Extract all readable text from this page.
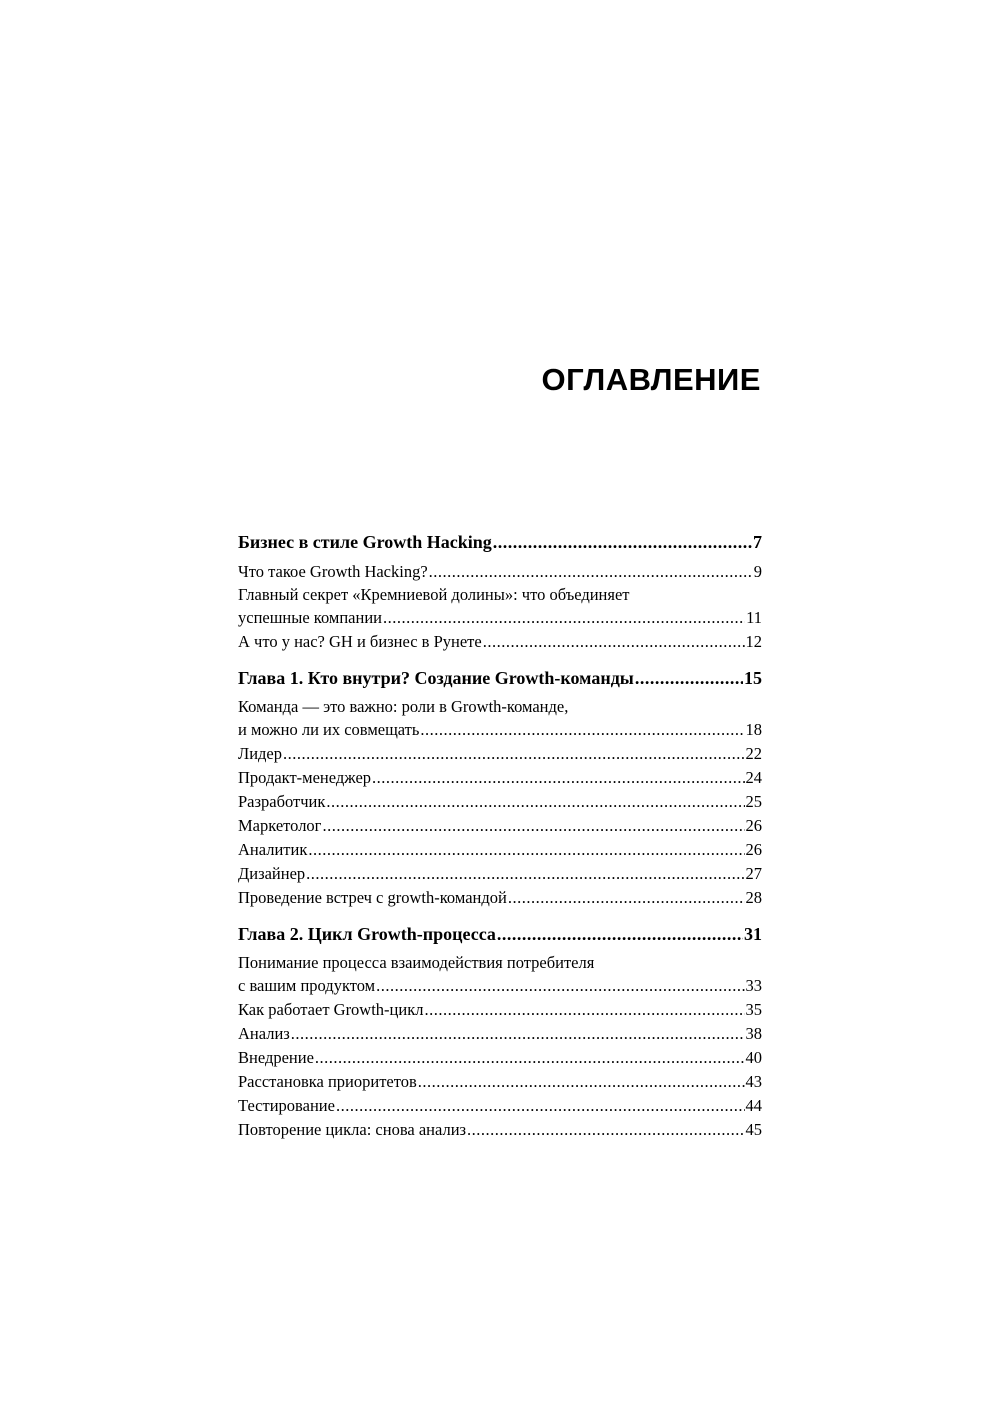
ОГЛАВЛЕНИЕ
Бизнес в стиле Growth Hacking .....	7
Что такое Growth Hacking? .....	9
Главный секрет «Кремниевой долины»: что объединяет
успешные компании .....	11
А что у нас? GH и бизнес в Рунете .....	12
Глава 1. Кто внутри? Создание Growth-команды .....	15
Команда — это важно: роли в Growth-команде,
и можно ли их совмещать .....	18
Лидер .....	22
Продакт-менеджер .....	24
Разработчик .....	25
Маркетолог .....	26
Аналитик .....	26
Дизайнер .....	27
Проведение встреч с growth-командой .....	28
Глава 2. Цикл Growth-процесса .....	31
Понимание процесса взаимодействия потребителя
с вашим продуктом .....	33
Как работает Growth-цикл .....	35
Анализ .....	38
Внедрение .....	40
Расстановка приоритетов .....	43
Тестирование .....	44
Повторение цикла: снова анализ .....	45
